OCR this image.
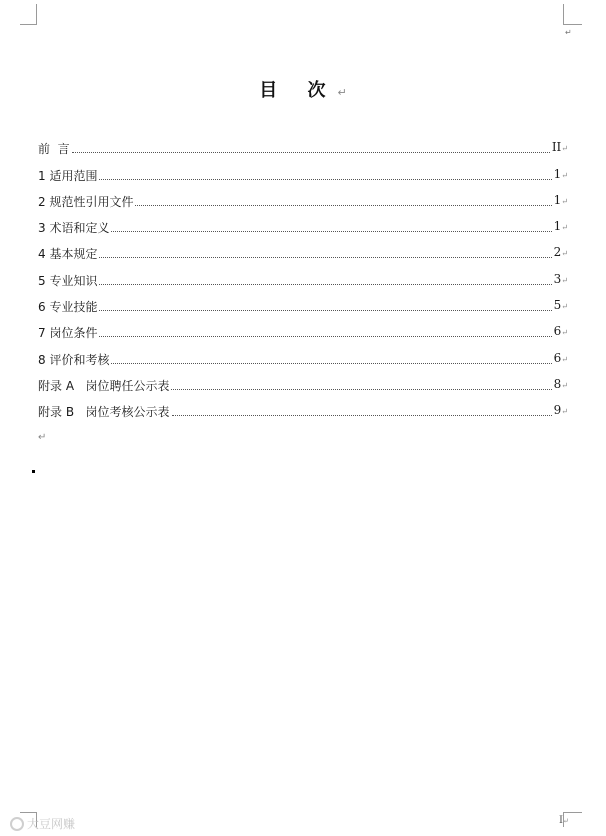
↵
目 次↵
前  言	II↵
1 适用范围	1↵
2 规范性引用文件	1↵
3 术语和定义	1↵
4 基本规定	2↵
5 专业知识	3↵
6 专业技能	5↵
7 岗位条件	6↵
8 评价和考核	6↵
附录 A   岗位聘任公示表	8↵
附录 B   岗位考核公示表	9↵
↵
大豆网赚	I↵
